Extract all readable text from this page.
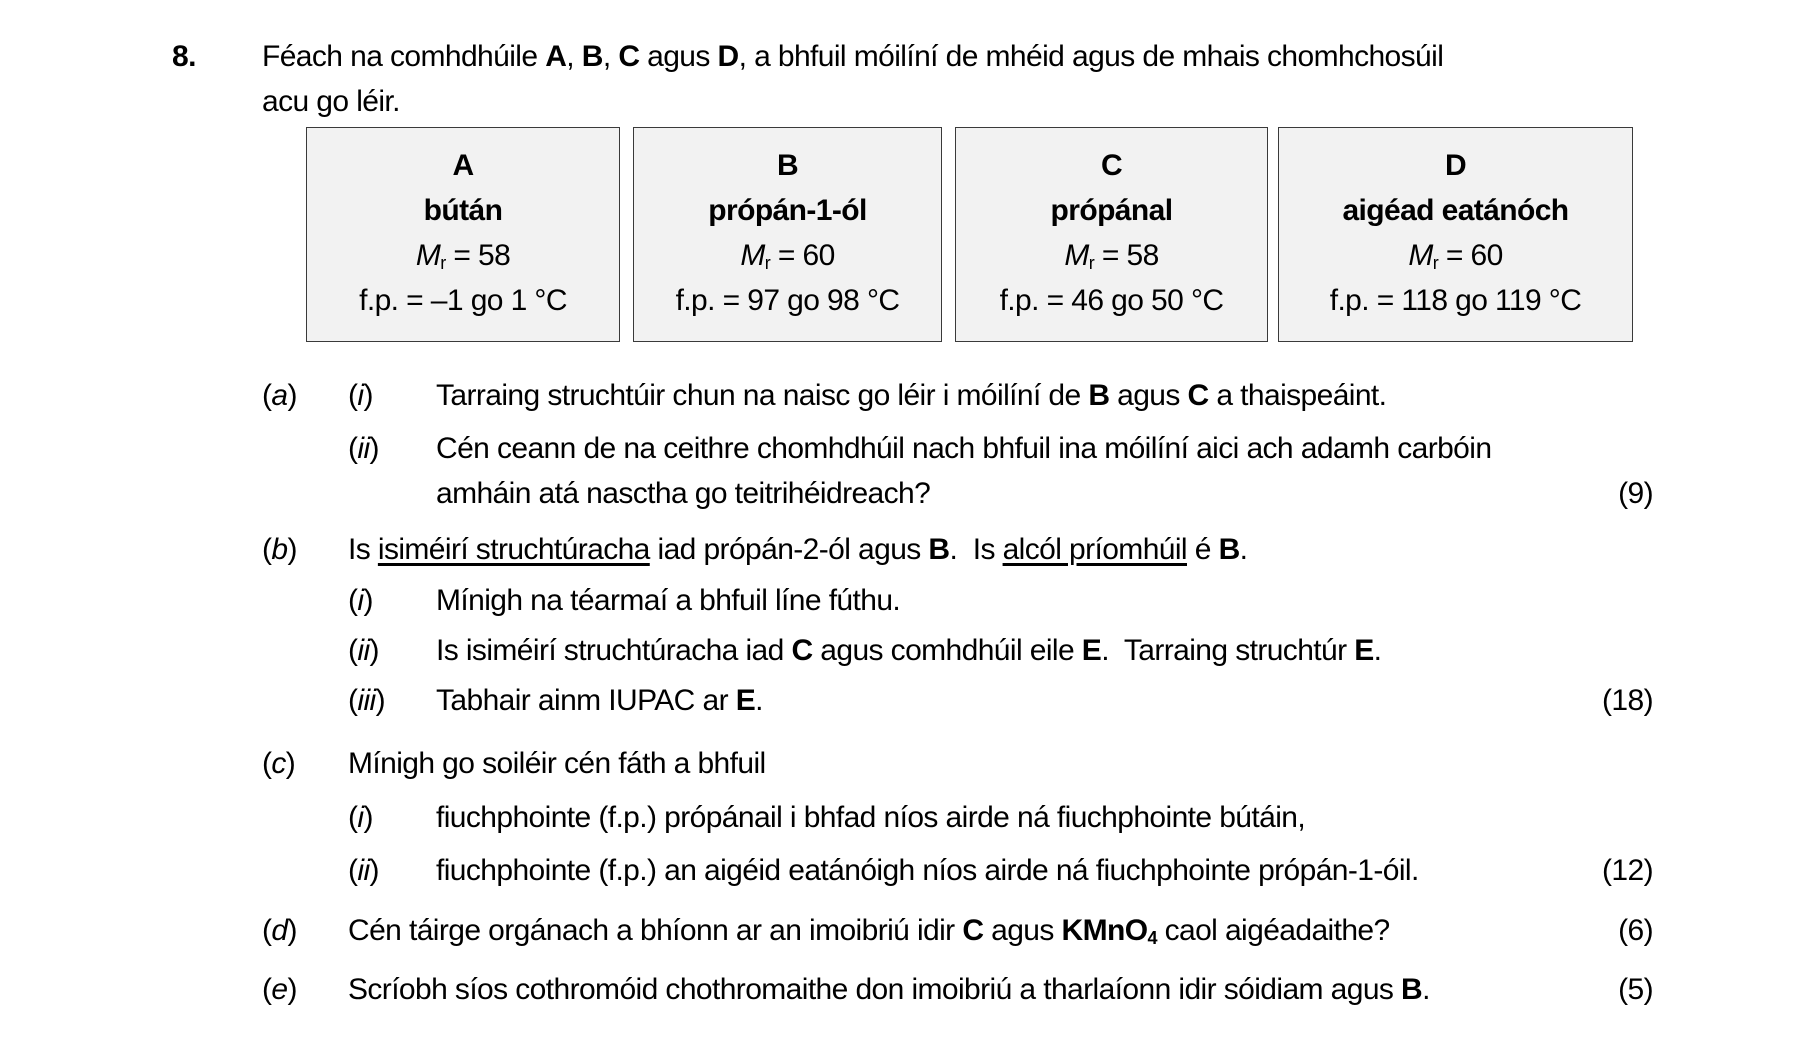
8. Féach na comhdhúile A, B, C agus D, a bhfuil móilíní de mhéid agus de mhais chomhchosúil
acu go léir.
A
bútán
$M_r = 58$
f.p. = –1 go 1 °C
B
própán-1-ól
$M_r = 60$
f.p. = 97 go 98 °C
C
própánal
$M_r = 58$
f.p. = 46 go 50 °C
D
aigéad eatánóch
$M_r = 60$
f.p. = 118 go 119 °C
(a) (i) Tarraing struchtúir chun na naisc go léir i móilíní de B agus C a thaispeáint.
(ii) Cén ceann de na ceithre chomhdhúil nach bhfuil ina móilíní aici ach adamh carbóin
amháin atá nasctha go teitrihéidreach?	(9)
(b) Is isiméirí struchtúracha iad própán-2-ól agus B.  Is alcól príomhúil é B.
(i) Mínigh na téarmaí a bhfuil líne fúthu.
(ii) Is isiméirí struchtúracha iad C agus comhdhúil eile E.  Tarraing struchtúr E.
(iii) Tabhair ainm IUPAC ar E.	(18)
(c) Mínigh go soiléir cén fáth a bhfuil
(i) fiuchphointe (f.p.) própánail i bhfad níos airde ná fiuchphointe bútáin,
(ii) fiuchphointe (f.p.) an aigéid eatánóigh níos airde ná fiuchphointe própán-1-óil.	(12)
(d) Cén táirge orgánach a bhíonn ar an imoibriú idir C agus KMnO$_4$ caol aigéadaithe?	(6)
(e) Scríobh síos cothromóid chothromaithe don imoibriú a tharlaíonn idir sóidiam agus B.	(5)
